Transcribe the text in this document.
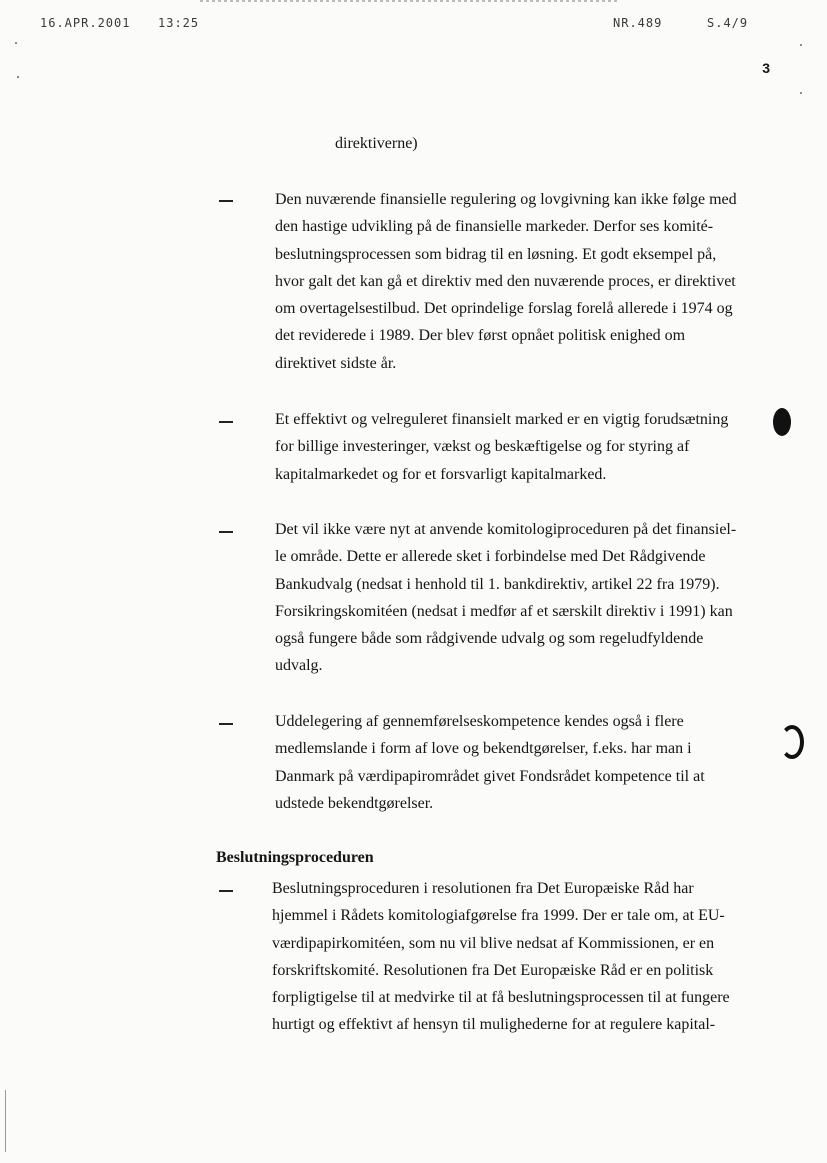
16.APR.2001 13:25	NR.489	S.4/9
3
direktiverne)
Den nuværende finansielle regulering og lovgivning kan ikke følge med
den hastige udvikling på de finansielle markeder. Derfor ses komité-
beslutningsprocessen som bidrag til en løsning. Et godt eksempel på,
hvor galt det kan gå et direktiv med den nuværende proces, er direktivet
om overtagelsestilbud. Det oprindelige forslag forelå allerede i 1974 og
det reviderede i 1989. Der blev først opnået politisk enighed om
direktivet sidste år.
Et effektivt og velreguleret finansielt marked er en vigtig forudsætning
for billige investeringer, vækst og beskæftigelse og for styring af
kapitalmarkedet og for et forsvarligt kapitalmarked.
Det vil ikke være nyt at anvende komitologiproceduren på det finansiel-
le område. Dette er allerede sket i forbindelse med Det Rådgivende
Bankudvalg (nedsat i henhold til 1. bankdirektiv, artikel 22 fra 1979).
Forsikringskomitéen (nedsat i medfør af et særskilt direktiv i 1991) kan
også fungere både som rådgivende udvalg og som regeludfyldende
udvalg.
Uddelegering af gennemførelseskompetence kendes også i flere
medlemslande i form af love og bekendtgørelser, f.eks. har man i
Danmark på værdipapirområdet givet Fondsrådet kompetence til at
udstede bekendtgørelser.
Beslutningsproceduren
Beslutningsproceduren i resolutionen fra Det Europæiske Råd har
hjemmel i Rådets komitologiafgørelse fra 1999. Der er tale om, at EU-
værdipapirkomitéen, som nu vil blive nedsat af Kommissionen, er en
forskriftskomité. Resolutionen fra Det Europæiske Råd er en politisk
forpligtigelse til at medvirke til at få beslutningsprocessen til at fungere
hurtigt og effektivt af hensyn til mulighederne for at regulere kapital-
